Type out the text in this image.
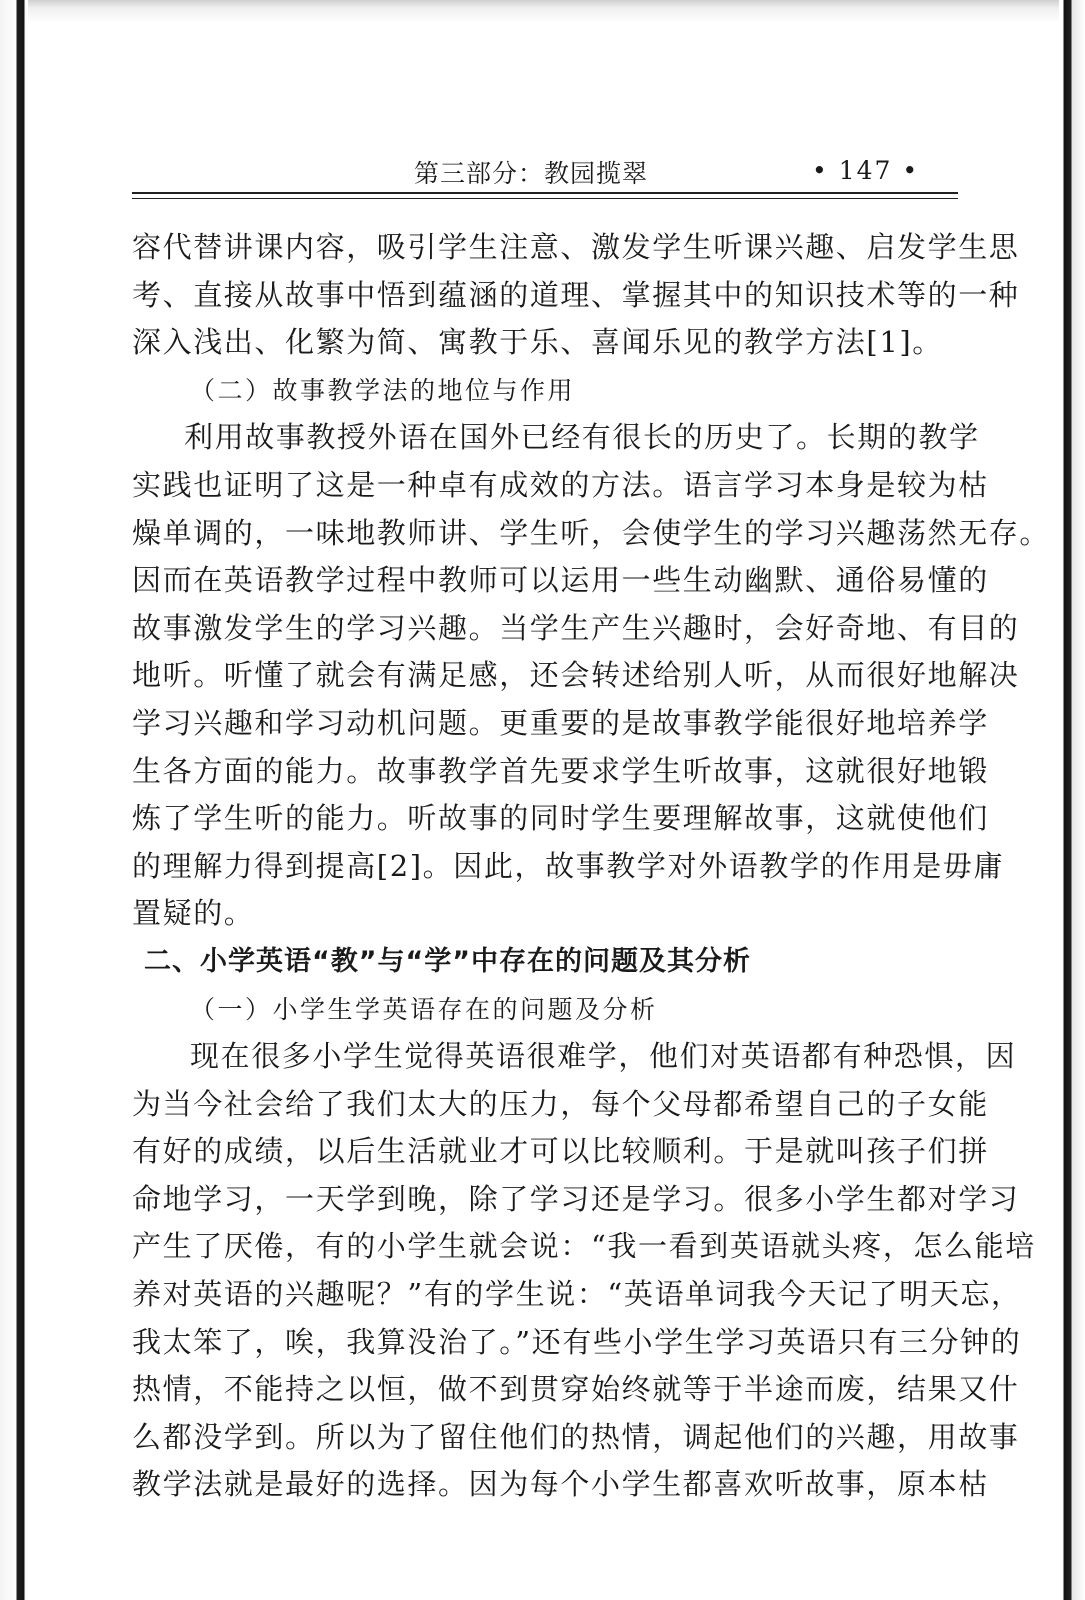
第三部分：教园揽翠	• 147 •

容代替讲课内容，吸引学生注意、激发学生听课兴趣、启发学生思
考、直接从故事中悟到蕴涵的道理、掌握其中的知识技术等的一种
深入浅出、化繁为简、寓教于乐、喜闻乐见的教学方法[1]。

（二）故事教学法的地位与作用

利用故事教授外语在国外已经有很长的历史了。长期的教学
实践也证明了这是一种卓有成效的方法。语言学习本身是较为枯
燥单调的，一味地教师讲、学生听，会使学生的学习兴趣荡然无存。
因而在英语教学过程中教师可以运用一些生动幽默、通俗易懂的
故事激发学生的学习兴趣。当学生产生兴趣时，会好奇地、有目的
地听。听懂了就会有满足感，还会转述给别人听，从而很好地解决
学习兴趣和学习动机问题。更重要的是故事教学能很好地培养学
生各方面的能力。故事教学首先要求学生听故事，这就很好地锻
炼了学生听的能力。听故事的同时学生要理解故事，这就使他们
的理解力得到提高[2]。因此，故事教学对外语教学的作用是毋庸
置疑的。

二、小学英语“教”与“学”中存在的问题及其分析

（一）小学生学英语存在的问题及分析

现在很多小学生觉得英语很难学，他们对英语都有种恐惧，因
为当今社会给了我们太大的压力，每个父母都希望自己的子女能
有好的成绩，以后生活就业才可以比较顺利。于是就叫孩子们拼
命地学习，一天学到晚，除了学习还是学习。很多小学生都对学习
产生了厌倦，有的小学生就会说：“我一看到英语就头疼，怎么能培
养对英语的兴趣呢？”有的学生说：“英语单词我今天记了明天忘，
我太笨了，唉，我算没治了。”还有些小学生学习英语只有三分钟的
热情，不能持之以恒，做不到贯穿始终就等于半途而废，结果又什
么都没学到。所以为了留住他们的热情，调起他们的兴趣，用故事
教学法就是最好的选择。因为每个小学生都喜欢听故事，原本枯
